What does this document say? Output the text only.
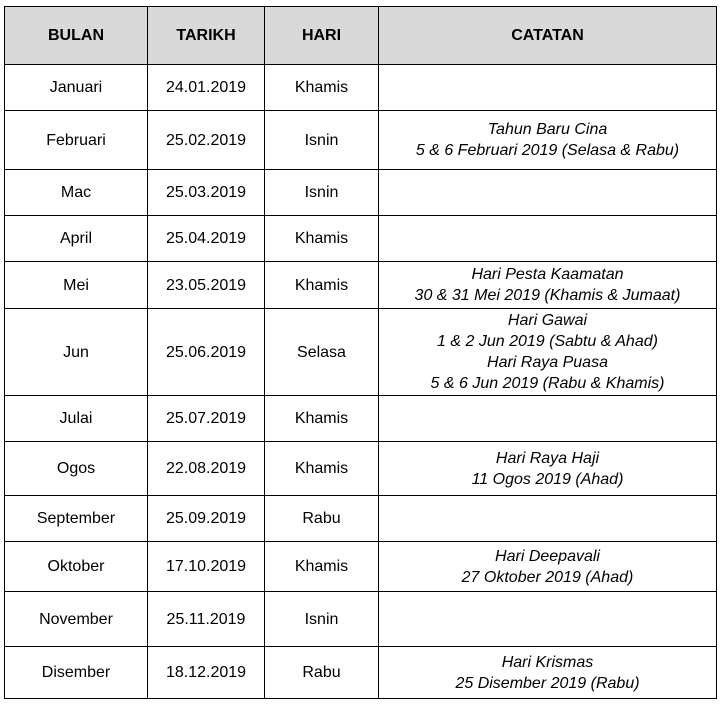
BULAN	TARIKH	HARI	CATATAN
Januari	24.01.2019	Khamis	
Februari	25.02.2019	Isnin	Tahun Baru Cina
5 & 6 Februari 2019 (Selasa & Rabu)

Mac	25.03.2019	Isnin	
April	25.04.2019	Khamis	
Mei	23.05.2019	Khamis	Hari Pesta Kaamatan
30 & 31 Mei 2019 (Khamis & Jumaat)

Jun	25.06.2019	Selasa	Hari Gawai
1 & 2 Jun 2019 (Sabtu & Ahad)
Hari Raya Puasa
5 & 6 Jun 2019 (Rabu & Khamis)

Julai	25.07.2019	Khamis	
Ogos	22.08.2019	Khamis	Hari Raya Haji
11 Ogos 2019 (Ahad)

September	25.09.2019	Rabu	
Oktober	17.10.2019	Khamis	Hari Deepavali
27 Oktober 2019 (Ahad)

November	25.11.2019	Isnin	
Disember	18.12.2019	Rabu	Hari Krismas
25 Disember 2019 (Rabu)
